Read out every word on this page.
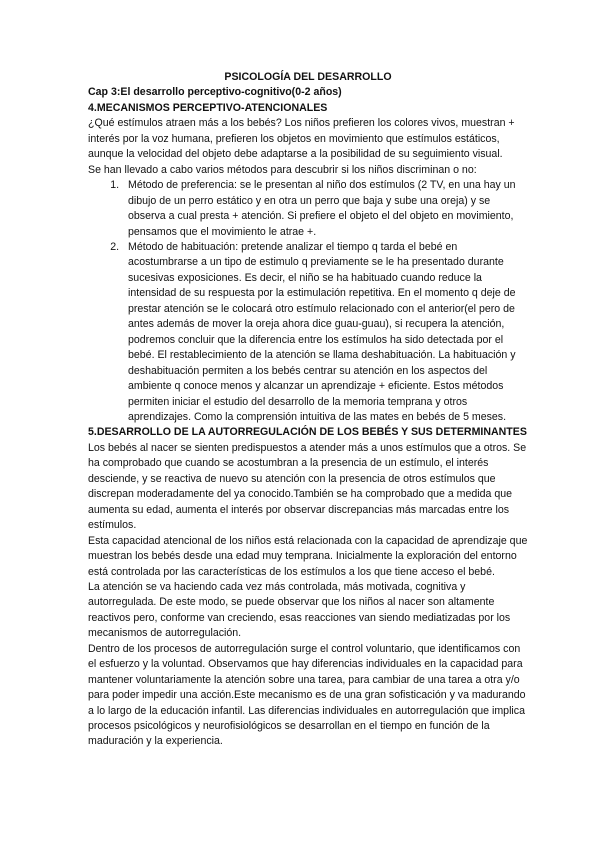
PSICOLOGÍA DEL DESARROLLO

Cap 3:El desarrollo perceptivo-cognitivo(0-2 años)

4.MECANISMOS PERCEPTIVO-ATENCIONALES

¿Qué estímulos atraen más a los bebés? Los niños prefieren los colores vivos, muestran + interés por la voz humana, prefieren los objetos en movimiento que estímulos estáticos, aunque la velocidad del objeto debe adaptarse a la posibilidad de su seguimiento visual.

Se han llevado a cabo varios métodos para descubrir si los niños discriminan o no:

1. Método de preferencia: se le presentan al niño dos estímulos (2 TV, en una hay un dibujo de un perro estático y en otra un perro que baja y sube una oreja) y se observa a cual presta + atención. Si prefiere el objeto el del objeto en movimiento, pensamos que el movimiento le atrae +.
2. Método de habituación: pretende analizar el tiempo q tarda el bebé en acostumbrarse a un tipo de estimulo q previamente se le ha presentado durante sucesivas exposiciones. Es decir, el niño se ha habituado cuando reduce la intensidad de su respuesta por la estimulación repetitiva. En el momento q deje de prestar atención se le colocará otro estímulo relacionado con el anterior(el pero de antes además de mover la oreja ahora dice guau-guau), si recupera la atención, podremos concluir que la diferencia entre los estímulos ha sido detectada por el bebé. El restablecimiento de la atención se llama deshabituación. La habituación y deshabituación permiten a los bebés centrar su atención en los aspectos del ambiente q conoce menos y alcanzar un aprendizaje + eficiente. Estos métodos permiten iniciar el estudio del desarrollo de la memoria temprana y otros aprendizajes. Como la comprensión intuitiva de las mates en bebés de 5 meses.

5.DESARROLLO DE LA AUTORREGULACIÓN DE LOS BEBÉS Y SUS DETERMINANTES

Los bebés al nacer se sienten predispuestos a atender más a unos estímulos que a otros. Se ha comprobado que cuando se acostumbran a la presencia de un estímulo, el interés desciende, y se reactiva de nuevo su atención con la presencia de otros estímulos que discrepan moderadamente del ya conocido.También se ha comprobado que a medida que aumenta su edad, aumenta el interés por observar discrepancias más marcadas entre los estímulos.

Esta capacidad atencional de los niños está relacionada con la capacidad de aprendizaje que muestran los bebés desde una edad muy temprana. Inicialmente la exploración del entorno está controlada por las características de los estímulos a los que tiene acceso el bebé.

La atención se va haciendo cada vez más controlada, más motivada, cognitiva y autorregulada. De este modo, se puede observar que los niños al nacer son altamente reactivos pero, conforme van creciendo, esas reacciones van siendo mediatizadas por los mecanismos de autorregulación.

Dentro de los procesos de autorregulación surge el control voluntario, que identificamos con el esfuerzo y la voluntad. Observamos que hay diferencias individuales en la capacidad para mantener voluntariamente la atención sobre una tarea, para cambiar de una tarea a otra y/o para poder impedir una acción.Este mecanismo es de una gran sofisticación y va madurando a lo largo de la educación infantil. Las diferencias individuales en autorregulación que implica procesos psicológicos y neurofisiológicos se desarrollan en el tiempo en función de la maduración y la experiencia.
